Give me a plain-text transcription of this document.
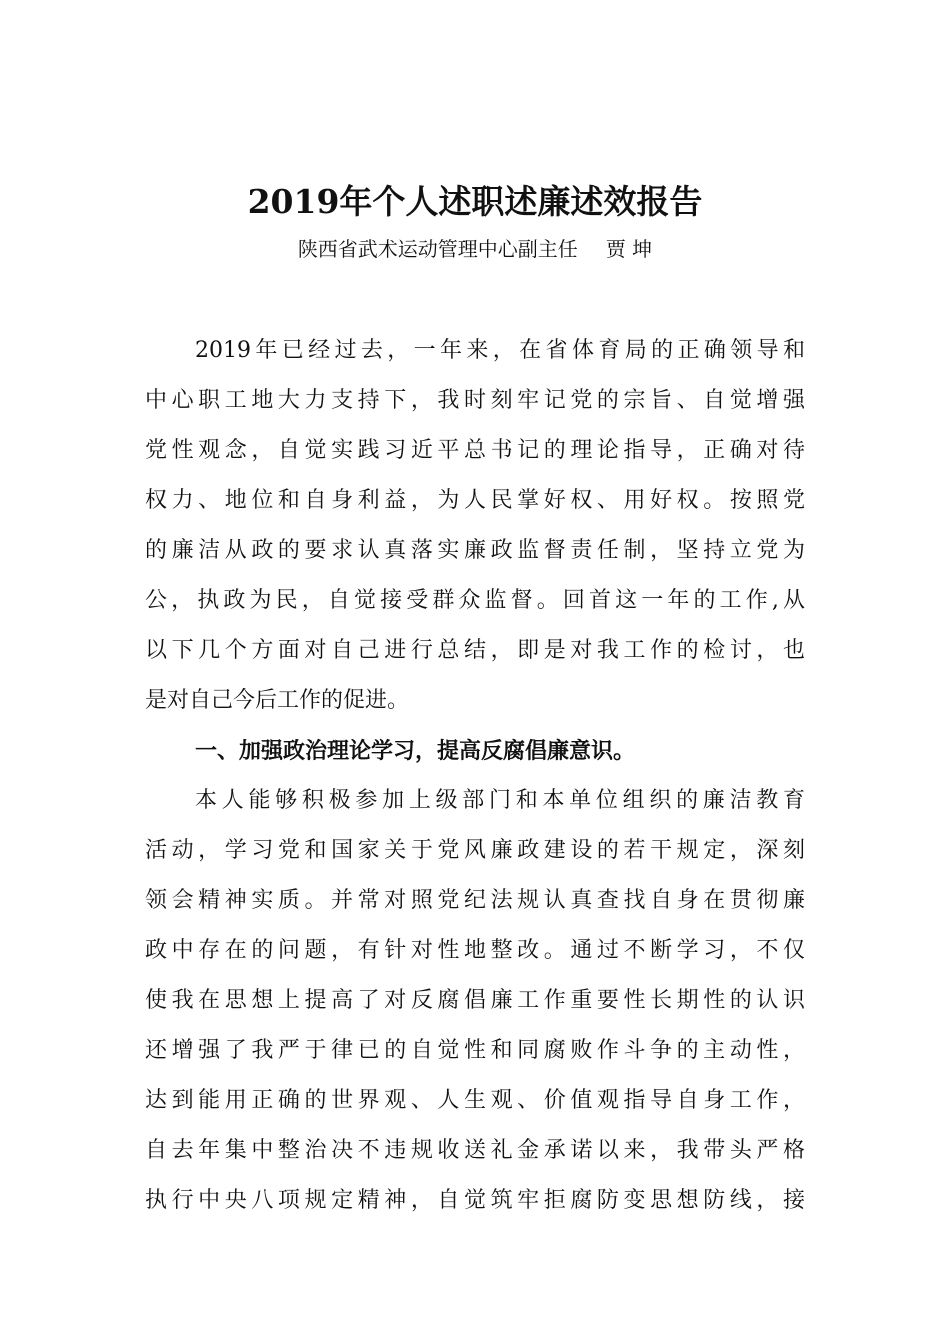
2019年个人述职述廉述效报告
陕西省武术运动管理中心副主任 贾 坤
2019年已经过去，一年来，在省体育局的正确领导和
中心职工地大力支持下，我时刻牢记党的宗旨、自觉增强
党性观念，自觉实践习近平总书记的理论指导，正确对待
权力、地位和自身利益，为人民掌好权、用好权。按照党
的廉洁从政的要求认真落实廉政监督责任制，坚持立党为
公，执政为民，自觉接受群众监督。回首这一年的工作,从
以下几个方面对自己进行总结，即是对我工作的检讨，也
是对自己今后工作的促进。
一、加强政治理论学习，提高反腐倡廉意识。
本人能够积极参加上级部门和本单位组织的廉洁教育
活动，学习党和国家关于党风廉政建设的若干规定，深刻
领会精神实质。并常对照党纪法规认真查找自身在贯彻廉
政中存在的问题，有针对性地整改。通过不断学习，不仅
使我在思想上提高了对反腐倡廉工作重要性长期性的认识
还增强了我严于律已的自觉性和同腐败作斗争的主动性，
达到能用正确的世界观、人生观、价值观指导自身工作，
自去年集中整治决不违规收送礼金承诺以来，我带头严格
执行中央八项规定精神，自觉筑牢拒腐防变思想防线，接
